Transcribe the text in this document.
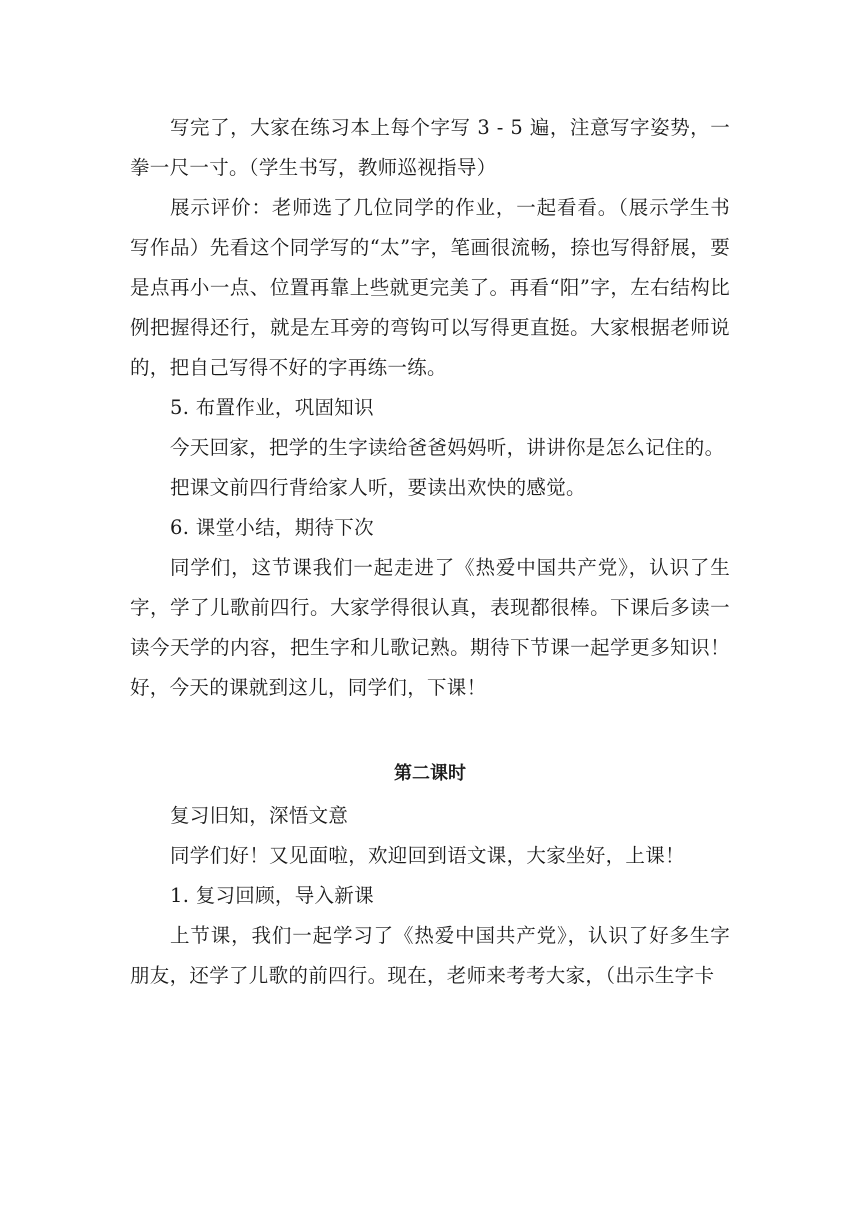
写完了，大家在练习本上每个字写 3 - 5 遍，注意写字姿势，一拳一尺一寸。（学生书写，教师巡视指导）

展示评价：老师选了几位同学的作业，一起看看。（展示学生书写作品）先看这个同学写的“太”字，笔画很流畅，捺也写得舒展，要是点再小一点、位置再靠上些就更完美了。再看“阳”字，左右结构比例把握得还行，就是左耳旁的弯钩可以写得更直挺。大家根据老师说的，把自己写得不好的字再练一练。

5. 布置作业，巩固知识

今天回家，把学的生字读给爸爸妈妈听，讲讲你是怎么记住的。

把课文前四行背给家人听，要读出欢快的感觉。

6. 课堂小结，期待下次

同学们，这节课我们一起走进了《热爱中国共产党》，认识了生字，学了儿歌前四行。大家学得很认真，表现都很棒。下课后多读一读今天学的内容，把生字和儿歌记熟。期待下节课一起学更多知识！好，今天的课就到这儿，同学们，下课！

第二课时

复习旧知，深悟文意

同学们好！又见面啦，欢迎回到语文课，大家坐好，上课！

1. 复习回顾，导入新课

上节课，我们一起学习了《热爱中国共产党》，认识了好多生字朋友，还学了儿歌的前四行。现在，老师来考考大家，（出示生字卡
